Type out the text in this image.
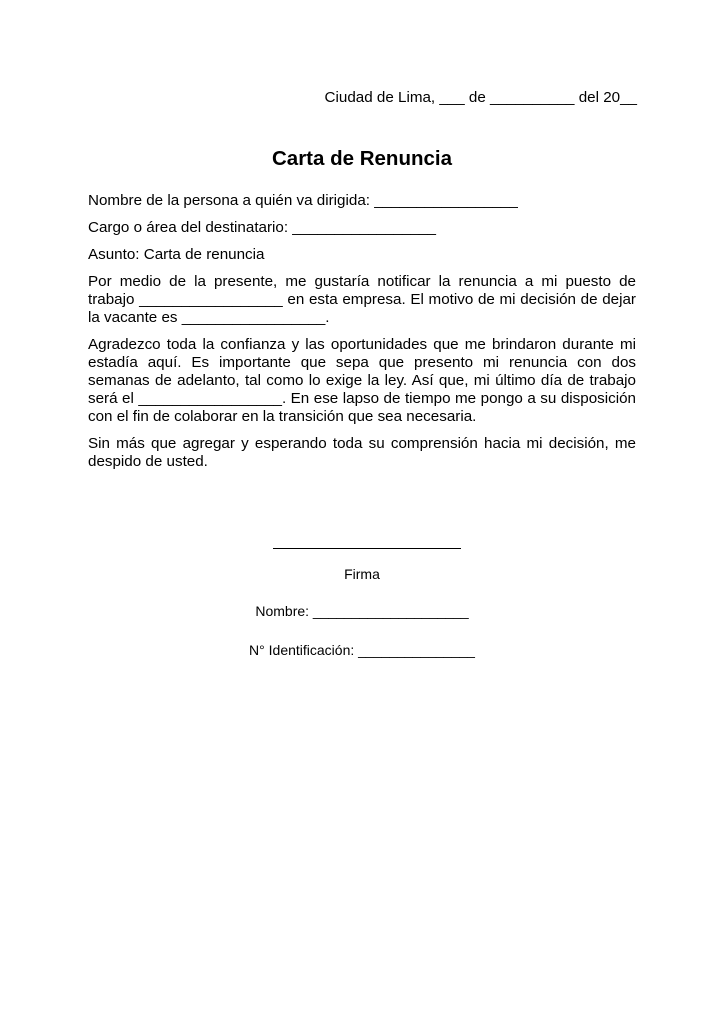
Ciudad de Lima, ___ de __________ del 20__
Carta de Renuncia

Nombre de la persona a quién va dirigida: _________________

Cargo o área del destinatario: _________________

Asunto: Carta de renuncia

Por medio de la presente, me gustaría notificar la renuncia a mi puesto de trabajo _________________ en esta empresa. El motivo de mi decisión de dejar la vacante es _________________.

Agradezco toda la confianza y las oportunidades que me brindaron durante mi estadía aquí. Es importante que sepa que presento mi renuncia con dos semanas de adelanto, tal como lo exige la ley. Así que, mi último día de trabajo será el _________________. En ese lapso de tiempo me pongo a su disposición con el fin de colaborar en la transición que sea necesaria.

Sin más que agregar y esperando toda su comprensión hacia mi decisión, me despido de usted.

Firma
Nombre: ____________________
N° Identificación: _______________
